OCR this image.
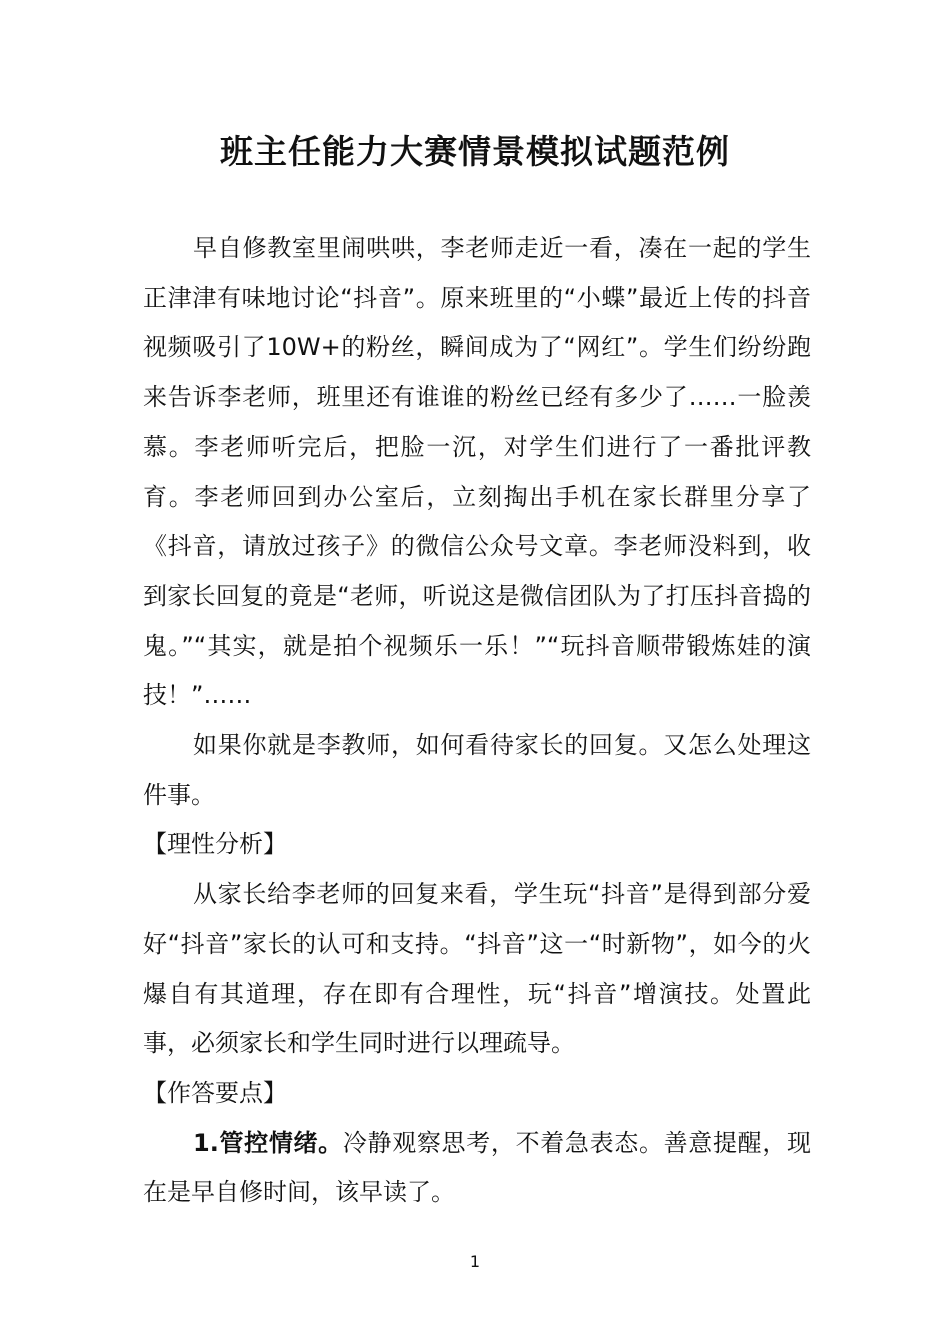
班主任能力大赛情景模拟试题范例

早自修教室里闹哄哄，李老师走近一看，凑在一起的学生正津津有味地讨论“抖音”。原来班里的“小蝶”最近上传的抖音视频吸引了10W+的粉丝，瞬间成为了“网红”。学生们纷纷跑来告诉李老师，班里还有谁谁的粉丝已经有多少了……一脸羡慕。李老师听完后，把脸一沉，对学生们进行了一番批评教育。李老师回到办公室后，立刻掏出手机在家长群里分享了《抖音，请放过孩子》的微信公众号文章。李老师没料到，收到家长回复的竟是“老师，听说这是微信团队为了打压抖音捣的鬼。”“其实，就是拍个视频乐一乐！”“玩抖音顺带锻炼娃的演技！”……

如果你就是李教师，如何看待家长的回复。又怎么处理这件事。

【理性分析】

从家长给李老师的回复来看，学生玩“抖音”是得到部分爱好“抖音”家长的认可和支持。“抖音”这一“时新物”，如今的火爆自有其道理，存在即有合理性，玩“抖音”增演技。处置此事，必须家长和学生同时进行以理疏导。

【作答要点】

1.管控情绪。冷静观察思考，不着急表态。善意提醒，现在是早自修时间，该早读了。

1
